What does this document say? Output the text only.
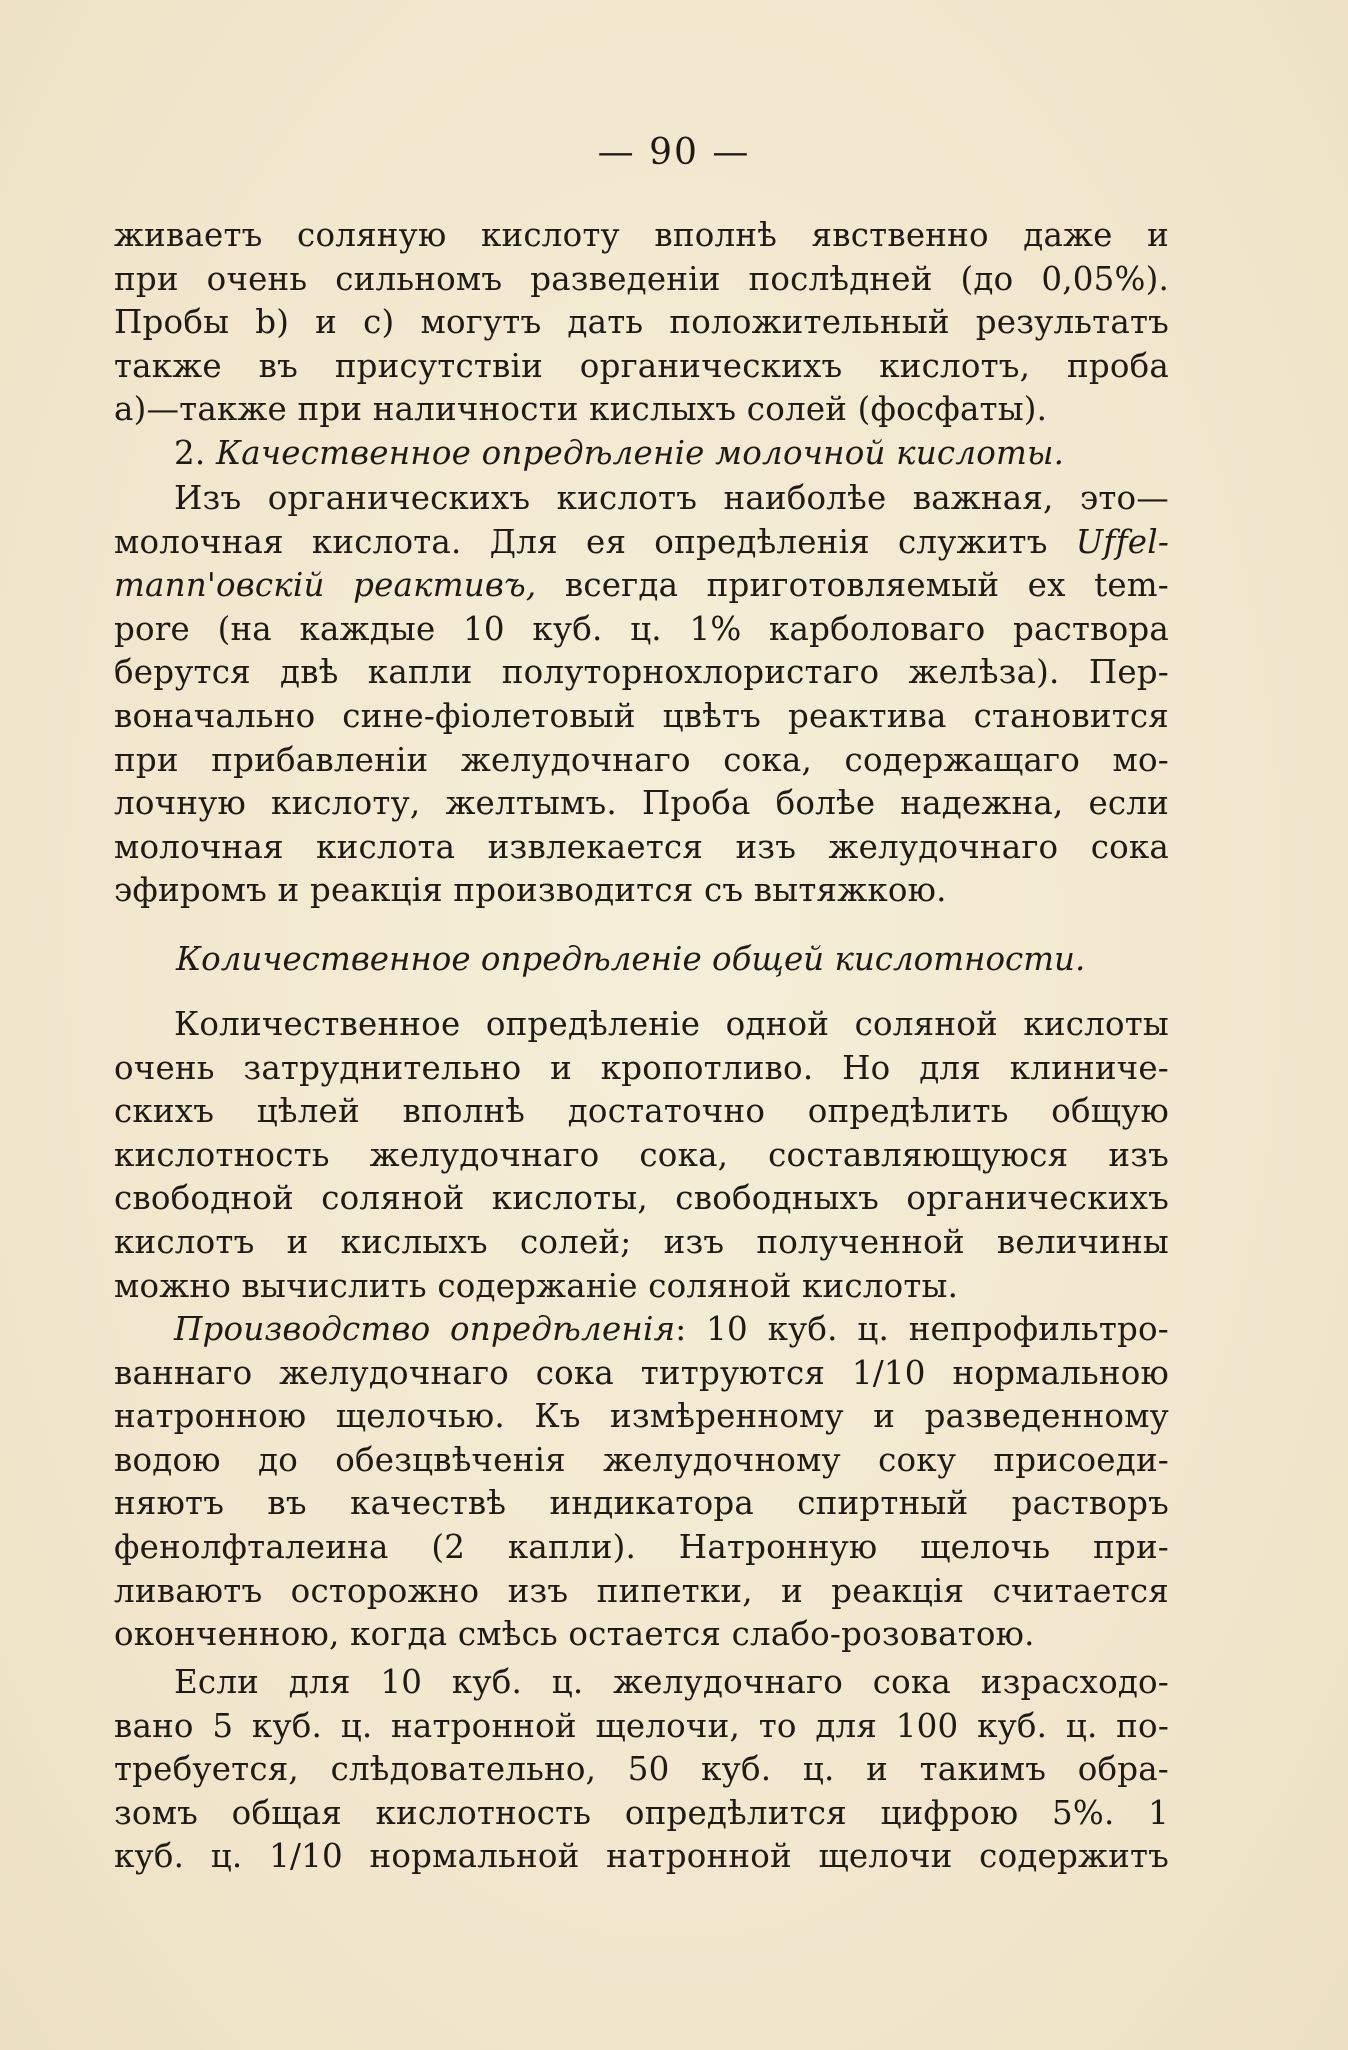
— 90 —
живаетъ соляную кислоту вполнѣ явственно даже и
при очень сильномъ разведеніи послѣдней (до 0,05%).
Пробы b) и c) могутъ дать положительный результатъ
также въ присутствіи органическихъ кислотъ, проба
a)—также при наличности кислыхъ солей (фосфаты).
2. Качественное опредѣленіе молочной кислоты.
Изъ органическихъ кислотъ наиболѣе важная, это—
молочная кислота. Для ея опредѣленія служитъ Uffel-
mann'овскій реактивъ, всегда приготовляемый ex tem-
pore (на каждые 10 куб. ц. 1% карболоваго раствора
берутся двѣ капли полуторнохлористаго желѣза). Пер-
воначально сине-фіолетовый цвѣтъ реактива становится
при прибавленіи желудочнаго сока, содержащаго мо-
лочную кислоту, желтымъ. Проба болѣе надежна, если
молочная кислота извлекается изъ желудочнаго сока
эфиромъ и реакція производится съ вытяжкою.
Количественное опредѣленіе общей кислотности.
Количественное опредѣленіе одной соляной кислоты
очень затруднительно и кропотливо. Но для клиниче-
скихъ цѣлей вполнѣ достаточно опредѣлить общую
кислотность желудочнаго сока, составляющуюся изъ
свободной соляной кислоты, свободныхъ органическихъ
кислотъ и кислыхъ солей; изъ полученной величины
можно вычислить содержаніе соляной кислоты.
Производство опредѣленія: 10 куб. ц. непрофильтро-
ваннаго желудочнаго сока титруются 1/10 нормальною
натронною щелочью. Къ измѣренному и разведенному
водою до обезцвѣченія желудочному соку присоеди-
няютъ въ качествѣ индикатора спиртный растворъ
фенолфталеина (2 капли). Натронную щелочь при-
ливаютъ осторожно изъ пипетки, и реакція считается
оконченною, когда смѣсь остается слабо-розоватою.
Если для 10 куб. ц. желудочнаго сока израсходо-
вано 5 куб. ц. натронной щелочи, то для 100 куб. ц. по-
требуется, слѣдовательно, 50 куб. ц. и такимъ обра-
зомъ общая кислотность опредѣлится цифрою 5%. 1
куб. ц. 1/10 нормальной натронной щелочи содержитъ
